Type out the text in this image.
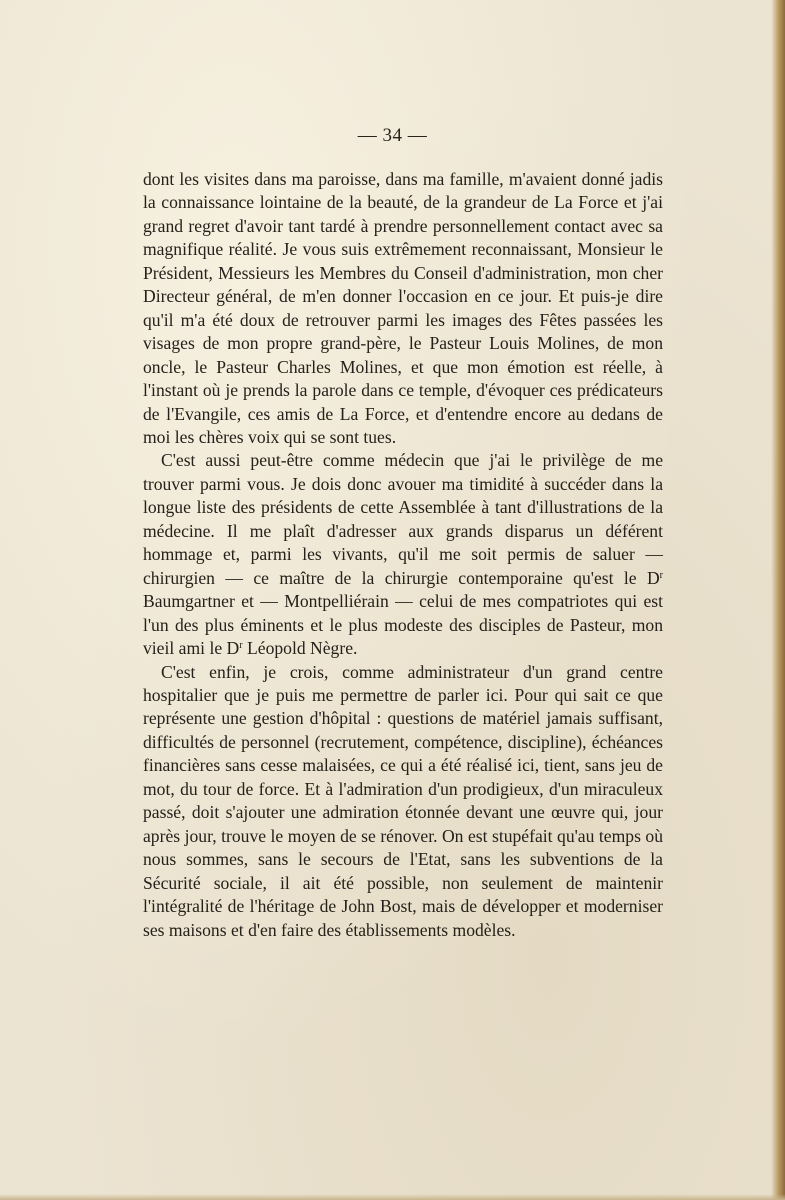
— 34 —

dont les visites dans ma paroisse, dans ma famille, m'avaient donné jadis la connaissance lointaine de la beauté, de la grandeur de La Force et j'ai grand regret d'avoir tant tardé à prendre personnellement contact avec sa magnifique réalité. Je vous suis extrêmement reconnaissant, Monsieur le Président, Messieurs les Membres du Conseil d'administration, mon cher Directeur général, de m'en donner l'occasion en ce jour. Et puis-je dire qu'il m'a été doux de retrouver parmi les images des Fêtes passées les visages de mon propre grand-père, le Pasteur Louis Molines, de mon oncle, le Pasteur Charles Molines, et que mon émotion est réelle, à l'instant où je prends la parole dans ce temple, d'évoquer ces prédicateurs de l'Evangile, ces amis de La Force, et d'entendre encore au dedans de moi les chères voix qui se sont tues.

C'est aussi peut-être comme médecin que j'ai le privilège de me trouver parmi vous. Je dois donc avouer ma timidité à succéder dans la longue liste des présidents de cette Assemblée à tant d'illustrations de la médecine. Il me plaît d'adresser aux grands disparus un déférent hommage et, parmi les vivants, qu'il me soit permis de saluer — chirurgien — ce maître de la chirurgie contemporaine qu'est le $D^r$ Baumgartner et — Montpelliérain — celui de mes compatriotes qui est l'un des plus éminents et le plus modeste des disciples de Pasteur, mon vieil ami le $D^r$ Léopold Nègre.

C'est enfin, je crois, comme administrateur d'un grand centre hospitalier que je puis me permettre de parler ici. Pour qui sait ce que représente une gestion d'hôpital : questions de matériel jamais suffisant, difficultés de personnel (recrutement, compétence, discipline), échéances financières sans cesse malaisées, ce qui a été réalisé ici, tient, sans jeu de mot, du tour de force. Et à l'admiration d'un prodigieux, d'un miraculeux passé, doit s'ajouter une admiration étonnée devant une œuvre qui, jour après jour, trouve le moyen de se rénover. On est stupéfait qu'au temps où nous sommes, sans le secours de l'Etat, sans les subventions de la Sécurité sociale, il ait été possible, non seulement de maintenir l'intégralité de l'héritage de John Bost, mais de développer et moderniser ses maisons et d'en faire des établissements modèles.
